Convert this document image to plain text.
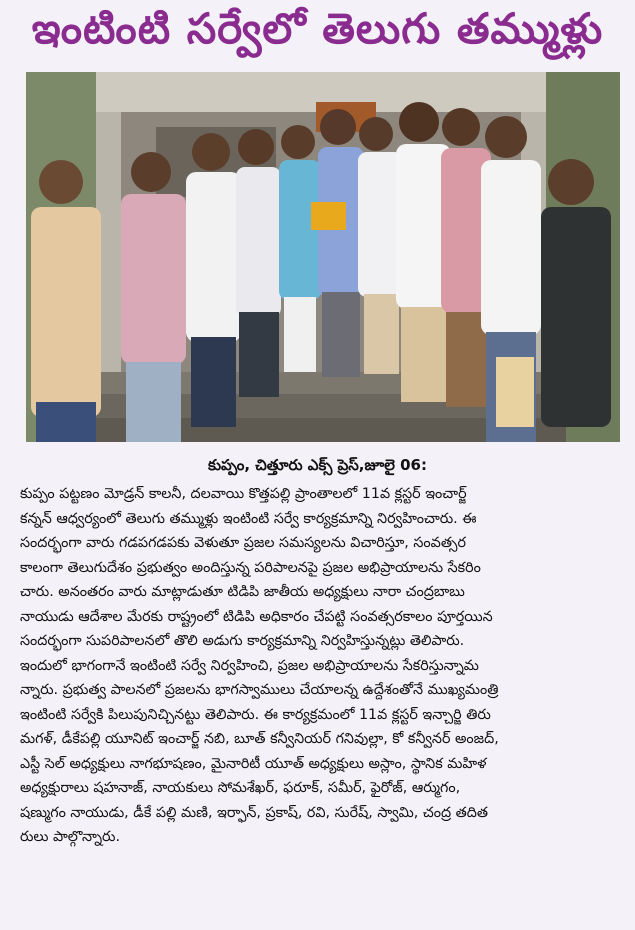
ఇంటింటి సర్వేలో తెలుగు తమ్ముళ్లు
కుప్పం, చిత్తూరు ఎక్స్ ప్రెస్,జూలై 06:
కుప్పం పట్టణం మోడ్రన్ కాలనీ, దలవాయి కొత్తపల్లి ప్రాంతాలలో 11వ క్లస్టర్ ఇంచార్జ్
కన్నన్ ఆధ్వర్యంలో తెలుగు తమ్ముళ్లు ఇంటింటి సర్వే కార్యక్రమాన్ని నిర్వహించారు. ఈ
సందర్భంగా వారు గడపగడపకు వెళుతూ ప్రజల సమస్యలను విచారిస్తూ, సంవత్సర
కాలంగా తెలుగుదేశం ప్రభుత్వం అందిస్తున్న పరిపాలనపై ప్రజల అభిప్రాయాలను సేకరిం
చారు. అనంతరం వారు మాట్లాడుతూ టిడిపి జాతీయ అధ్యక్షులు నారా చంద్రబాబు
నాయుడు ఆదేశాల మేరకు రాష్ట్రంలో టిడిపి అధికారం చేపట్టి సంవత్సరకాలం పూర్తయిన
సందర్భంగా సుపరిపాలనలో తొలి అడుగు కార్యక్రమాన్ని నిర్వహిస్తున్నట్లు తెలిపారు.
ఇందులో భాగంగానే ఇంటింటి సర్వే నిర్వహించి, ప్రజల అభిప్రాయాలను సేకరిస్తున్నామ
న్నారు. ప్రభుత్వ పాలనలో ప్రజలను భాగస్వాములు చేయాలన్న ఉద్దేశంతోనే ముఖ్యమంత్రి
ఇంటింటి సర్వేకి పిలుపునిచ్చినట్టు తెలిపారు. ఈ కార్యక్రమంలో 11వ క్లస్టర్ ఇన్చార్జి తిరు
మగళ్, డీకేపల్లి యూనిట్ ఇంచార్జ్ నబి, బూత్ కన్వీనియర్ గనివుల్లా, కో కన్వీనర్ అంజద్,
ఎస్టీ సెల్ అధ్యక్షులు నాగభూషణం, మైనారిటీ యూత్ అధ్యక్షులు అస్లాం, స్థానిక మహిళ
అధ్యక్షురాలు షహనాజ్, నాయకులు సోమశేఖర్, ఫరూక్, సమీర్, ఫైరోజ్, ఆర్ముగం,
షణ్ముగం నాయుడు, డీకే పల్లి మణి, ఇర్ఫాన్, ప్రకాష్, రవి, సురేష్, స్వామి, చంద్ర తదిత
రులు పాల్గొన్నారు.
